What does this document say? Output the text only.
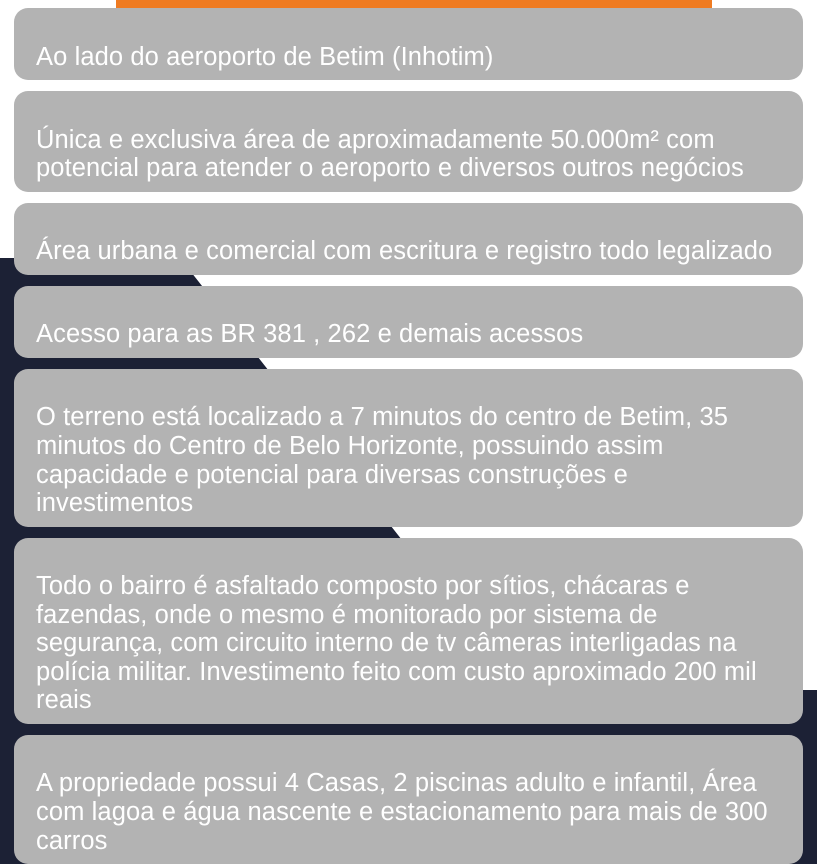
Ao lado do aeroporto de Betim (Inhotim)

Única e exclusiva área de aproximadamente 50.000m² com potencial para atender o aeroporto e diversos outros negócios

Área urbana e comercial com escritura e registro todo legalizado

Acesso para as BR 381 , 262 e demais acessos

O terreno está localizado a 7 minutos do centro de Betim, 35 minutos do Centro de Belo Horizonte, possuindo assim capacidade e potencial para diversas construções e investimentos

Todo o bairro é asfaltado composto por sítios, chácaras e fazendas, onde o mesmo é monitorado por sistema de segurança, com circuito interno de tv câmeras interligadas na polícia militar. Investimento feito com custo aproximado 200 mil reais

A propriedade possui 4 Casas, 2 piscinas adulto e infantil, Área com lagoa e água nascente e estacionamento para mais de 300 carros
